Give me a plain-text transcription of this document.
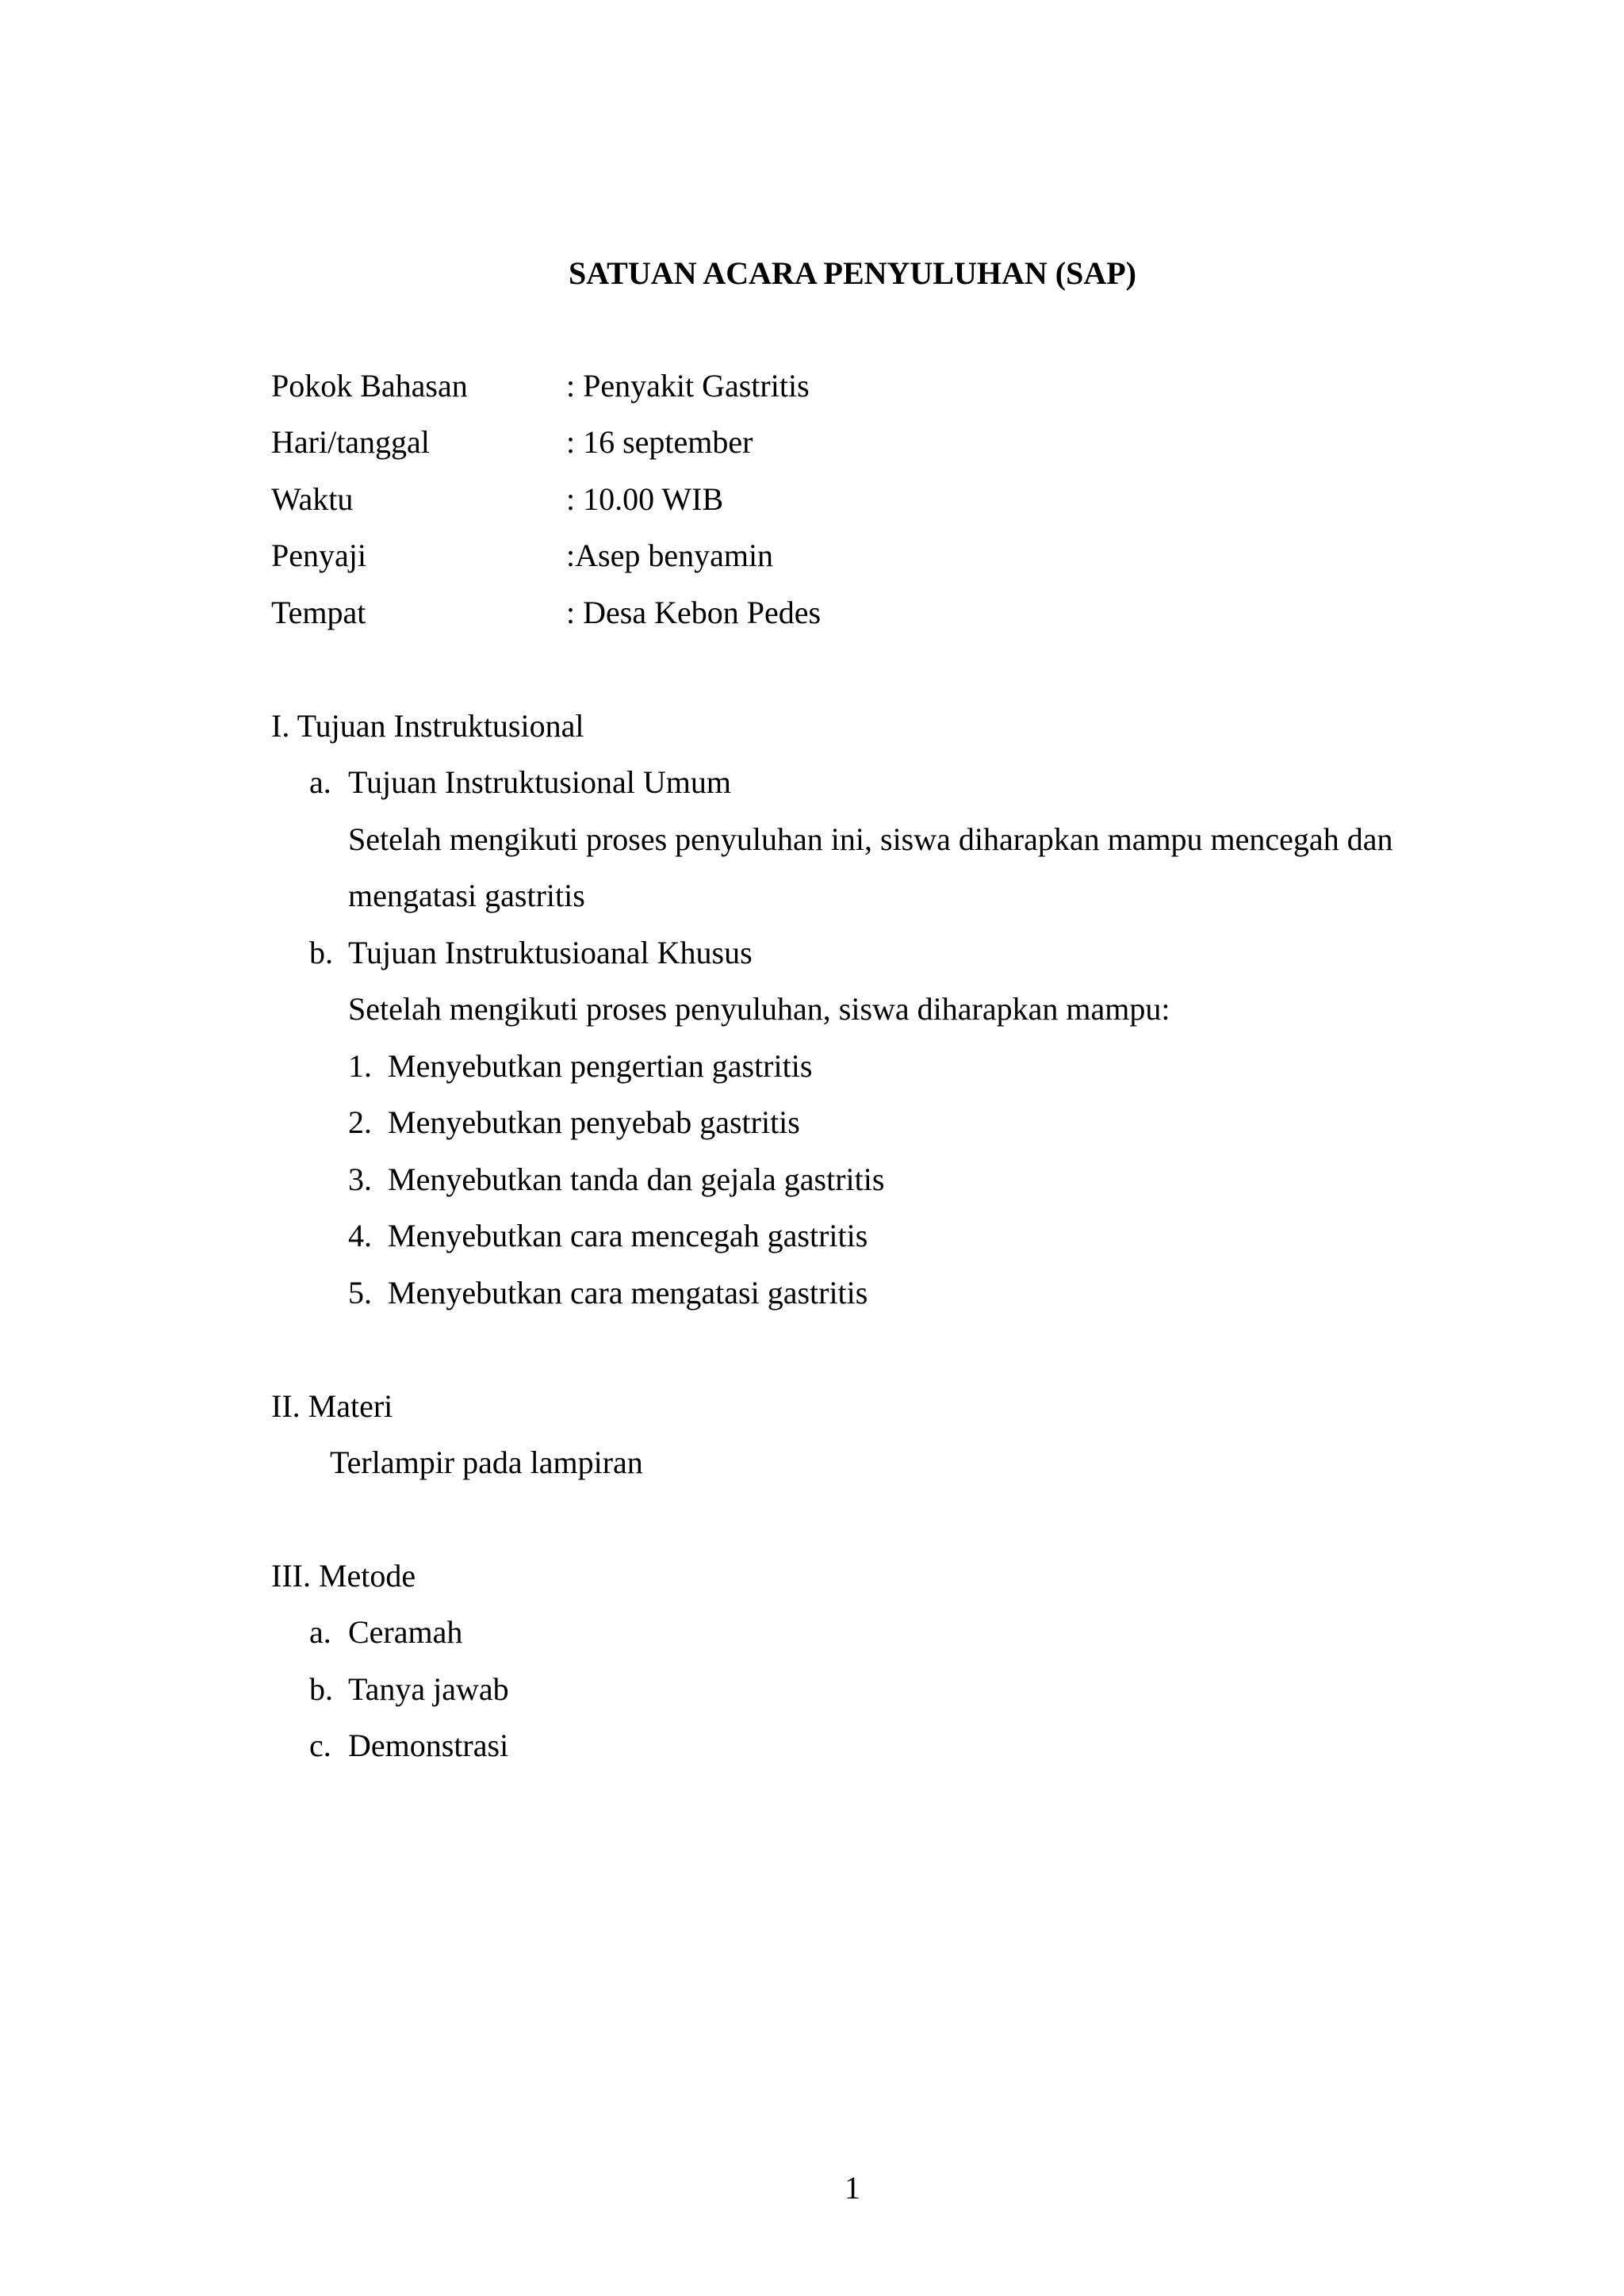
SATUAN ACARA PENYULUHAN (SAP)
Pokok Bahasan	: Penyakit Gastritis
Hari/tanggal	: 16 september
Waktu	: 10.00 WIB
Penyaji	:Asep benyamin
Tempat	: Desa Kebon Pedes
I. Tujuan Instruktusional
a. Tujuan Instruktusional Umum
Setelah mengikuti proses penyuluhan ini, siswa diharapkan mampu mencegah dan
mengatasi gastritis
b. Tujuan Instruktusioanal Khusus
Setelah mengikuti proses penyuluhan, siswa diharapkan mampu:
1. Menyebutkan pengertian gastritis
2. Menyebutkan penyebab gastritis
3. Menyebutkan tanda dan gejala gastritis
4. Menyebutkan cara mencegah gastritis
5. Menyebutkan cara mengatasi gastritis
II. Materi
Terlampir pada lampiran
III. Metode
a. Ceramah
b. Tanya jawab
c. Demonstrasi
1
